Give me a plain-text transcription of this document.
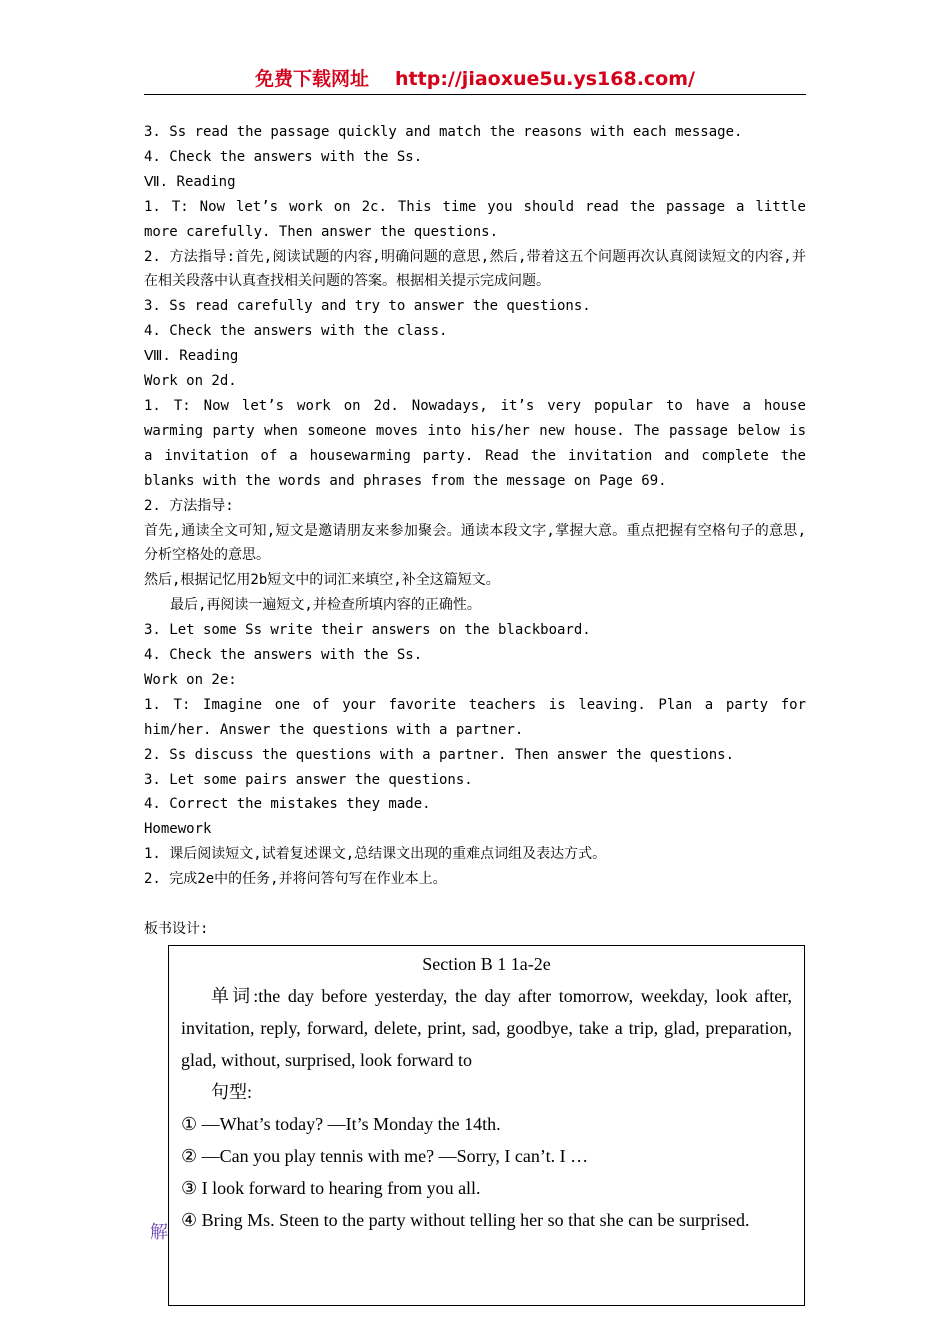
免费下载网址 http://jiaoxue5u.ys168.com/

3. Ss read the passage quickly and match the reasons with each message.

4. Check the answers with the Ss.

Ⅶ. Reading

1. T: Now let’s work on 2c. This time you should read the passage a little more carefully. Then answer the questions.

2. 方法指导:首先,阅读试题的内容,明确问题的意思,然后,带着这五个问题再次认真阅读短文的内容,并在相关段落中认真查找相关问题的答案。根据相关提示完成问题。

3. Ss read carefully and try to answer the questions.

4. Check the answers with the class.

Ⅷ. Reading

Work on 2d.

1. T: Now let’s work on 2d. Nowadays, it’s very popular to have a house warming party when someone moves into his/her new house. The passage below is a invitation of a housewarming party. Read the invitation and complete the blanks with the words and phrases from the message on Page 69.

2. 方法指导:

首先,通读全文可知,短文是邀请朋友来参加聚会。通读本段文字,掌握大意。重点把握有空格句子的意思,分析空格处的意思。

然后,根据记忆用2b短文中的词汇来填空,补全这篇短文。

最后,再阅读一遍短文,并检查所填内容的正确性。

3. Let some Ss write their answers on the blackboard.

4. Check the answers with the Ss.

Work on 2e:

1. T: Imagine one of your favorite teachers is leaving. Plan a party for him/her. Answer the questions with a partner.

2. Ss discuss the questions with a partner. Then answer the questions.

3. Let some pairs answer the questions.

4. Correct the mistakes they made.

Homework

1. 课后阅读短文,试着复述课文,总结课文出现的重难点词组及表达方式。

2. 完成2e中的任务,并将问答句写在作业本上。

板书设计:

Section B 1 1a-2e

单词:the day before yesterday, the day after tomorrow, weekday, look after, invitation, reply, forward, delete, print, sad, goodbye, take a trip, glad, preparation, glad, without, surprised, look forward to

句型:

① —What’s today? —It’s Monday the 14th.

② —Can you play tennis with me? —Sorry, I can’t. I …

③ I look forward to hearing from you all.

④ Bring Ms. Steen to the party without telling her so that she can be surprised.

解
